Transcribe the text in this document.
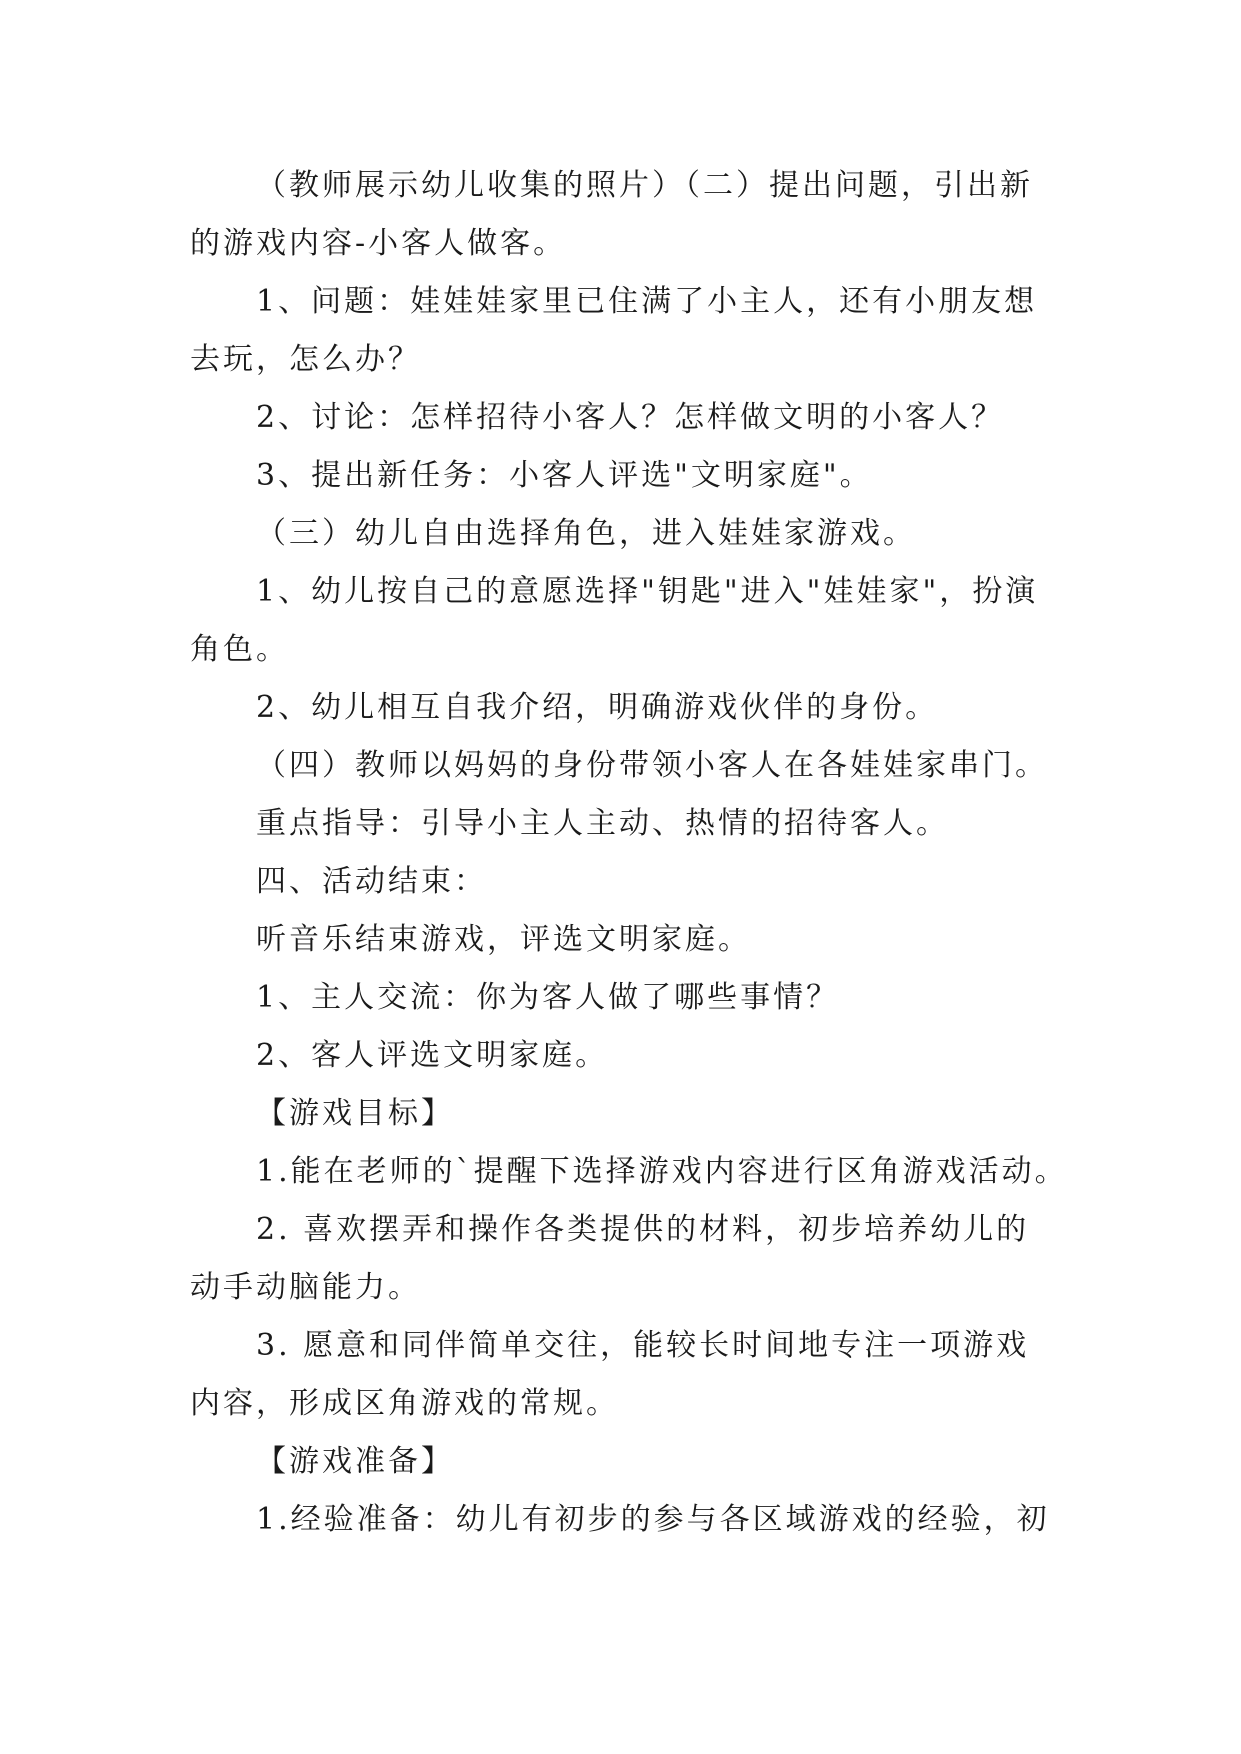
（教师展示幼儿收集的照片）（二）提出问题，引出新
的游戏内容-小客人做客。
1、问题：娃娃娃家里已住满了小主人，还有小朋友想
去玩，怎么办？
2、讨论：怎样招待小客人？怎样做文明的小客人？
3、提出新任务：小客人评选"文明家庭"。
（三）幼儿自由选择角色，进入娃娃家游戏。
1、幼儿按自己的意愿选择"钥匙"进入"娃娃家"，扮演
角色。
2、幼儿相互自我介绍，明确游戏伙伴的身份。
（四）教师以妈妈的身份带领小客人在各娃娃家串门。
重点指导：引导小主人主动、热情的招待客人。
四、活动结束：
听音乐结束游戏，评选文明家庭。
1、主人交流：你为客人做了哪些事情？
2、客人评选文明家庭。
【游戏目标】
1.能在老师的`提醒下选择游戏内容进行区角游戏活动。
2. 喜欢摆弄和操作各类提供的材料，初步培养幼儿的
动手动脑能力。
3. 愿意和同伴简单交往，能较长时间地专注一项游戏
内容，形成区角游戏的常规。
【游戏准备】
1.经验准备：幼儿有初步的参与各区域游戏的经验，初
